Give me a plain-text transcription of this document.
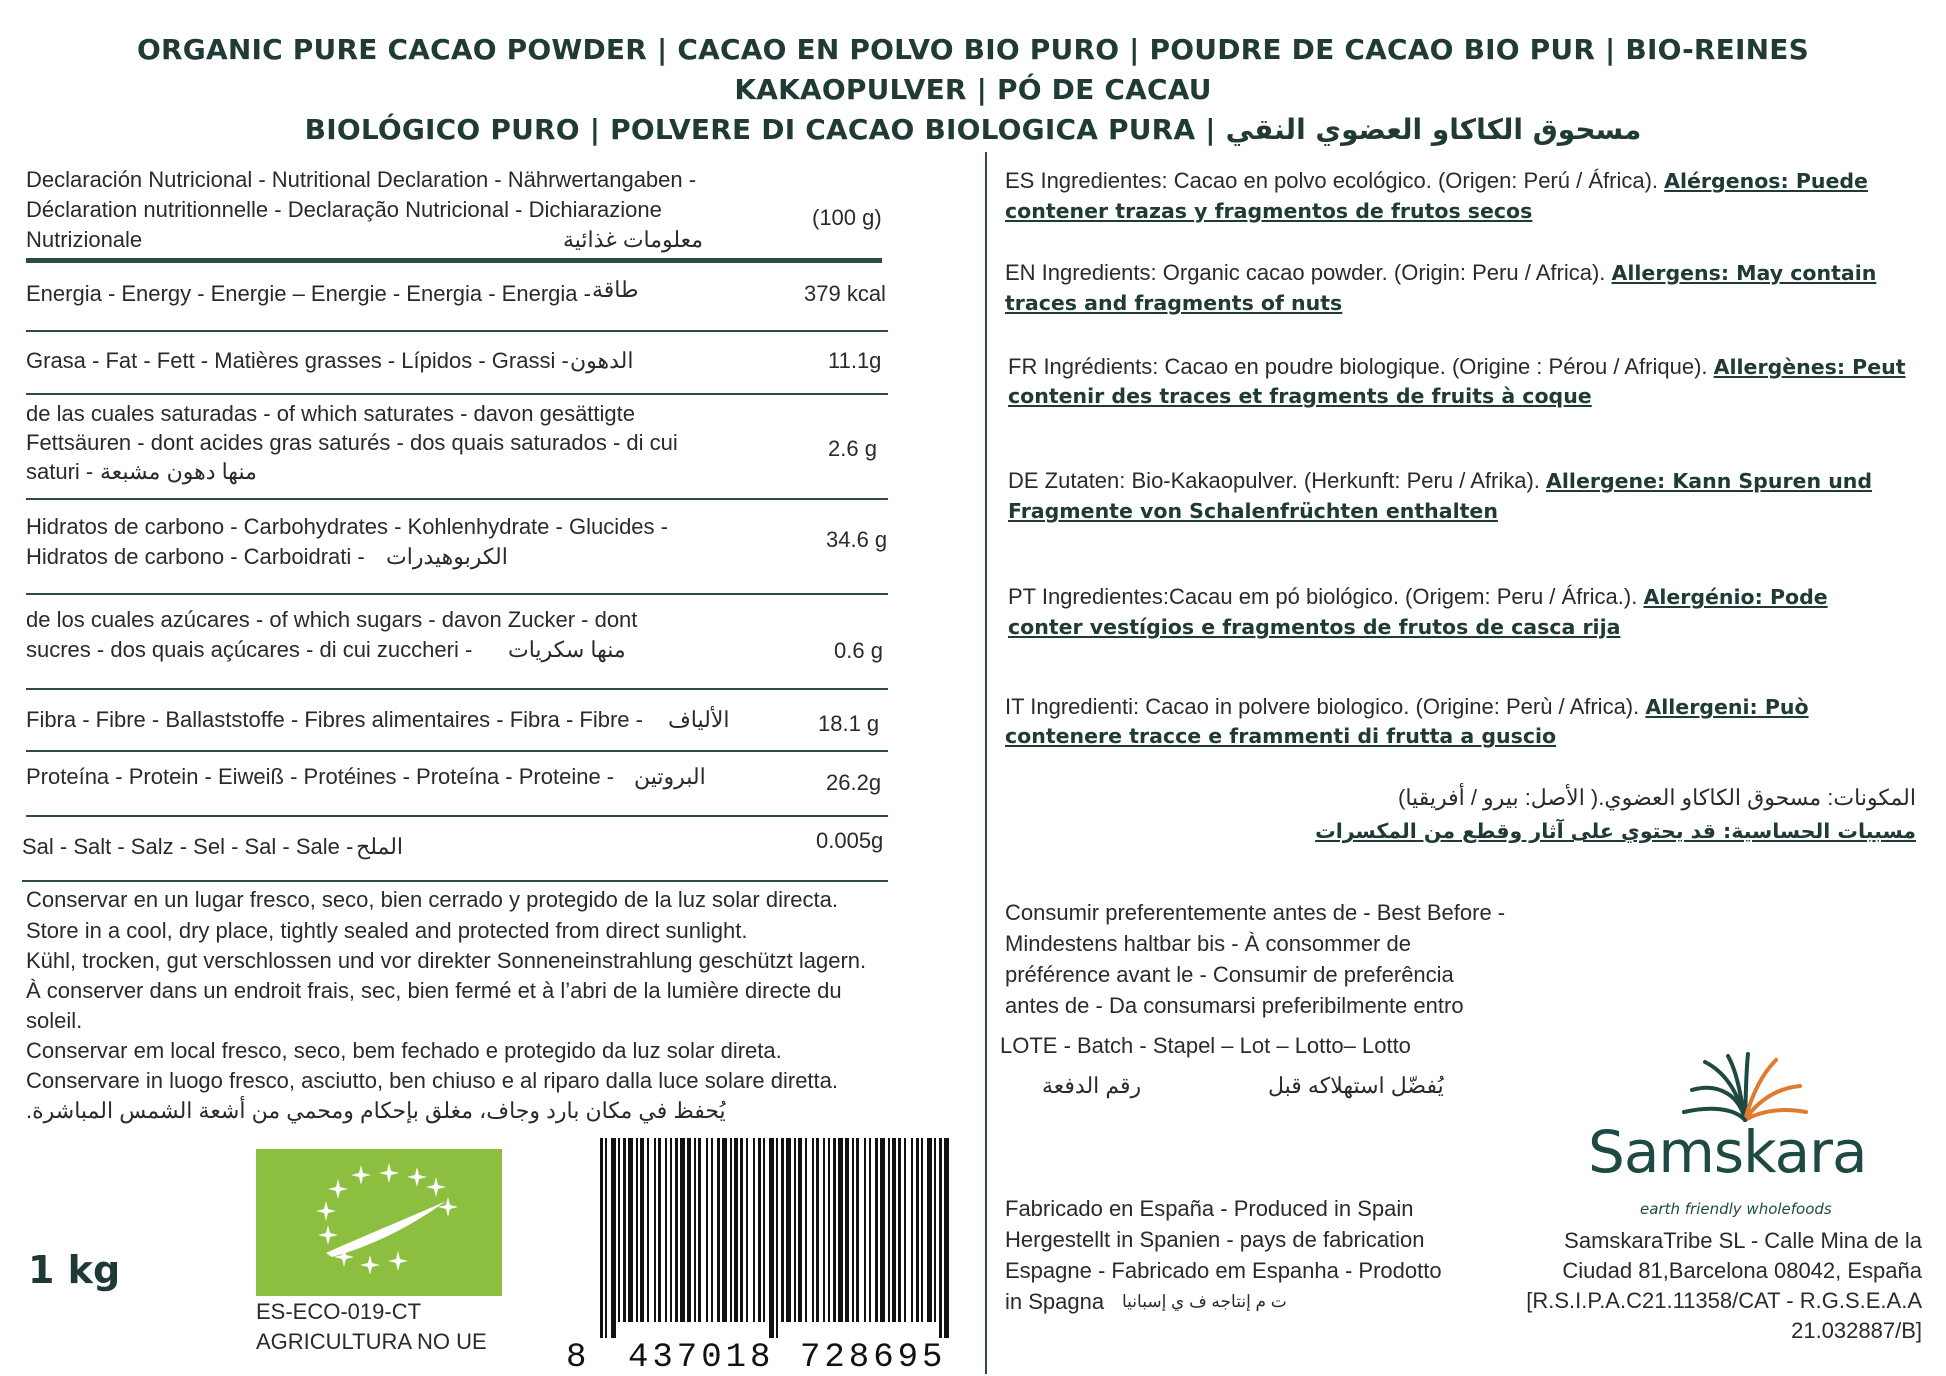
ORGANIC PURE CACAO POWDER | CACAO EN POLVO BIO PURO | POUDRE DE CACAO BIO PUR | BIO-REINES KAKAOPULVER | PÓ DE CACAU
BIOLÓGICO PURO | POLVERE DI CACAO BIOLOGICA PURA | مسحوق الكاكاو العضوي النقي
Declaración Nutricional - Nutritional Declaration - Nährwertangaben -
Déclaration nutritionnelle - Declaração Nutricional - Dichiarazione
Nutrizionale	معلومات غذائية
(100 g)
Energia - Energy - Energie – Energie - Energia - Energia - طاقة	379 kcal
Grasa - Fat - Fett - Matières grasses - Lípidos - Grassi - الدهون	11.1g
de las cuales saturadas - of which saturates - davon gesättigte
Fettsäuren - dont acides gras saturés - dos quais saturados - di cui
saturi - منها دهون مشبعة
2.6 g
Hidratos de carbono - Carbohydrates - Kohlenhydrate - Glucides -
Hidratos de carbono - Carboidrati - الكربوهيدرات
34.6 g
de los cuales azúcares - of which sugars - davon Zucker - dont
sucres - dos quais açúcares - di cui zuccheri - منها سكريات	0.6 g
Fibra - Fibre - Ballaststoffe - Fibres alimentaires - Fibra - Fibre - الألياف	18.1 g
Proteína - Protein - Eiweiß - Protéines - Proteína - Proteine - البروتين	26.2g
Sal - Salt - Salz - Sel - Sal - Sale - الملح	0.005g
Conservar en un lugar fresco, seco, bien cerrado y protegido de la luz solar directa.
Store in a cool, dry place, tightly sealed and protected from direct sunlight.
Kühl, trocken, gut verschlossen und vor direkter Sonneneinstrahlung geschützt lagern.
À conserver dans un endroit frais, sec, bien fermé et à l’abri de la lumière directe du
soleil.
Conservar em local fresco, seco, bem fechado e protegido da luz solar direta.
Conservare in luogo fresco, asciutto, ben chiuso e al riparo dalla luce solare diretta.
يُحفظ في مكان بارد وجاف، مغلق بإحكام ومحمي من أشعة الشمس المباشرة.
ES-ECO-019-CT
AGRICULTURA NO UE
1 kg
8 437018 728695
ES Ingredientes: Cacao en polvo ecológico. (Origen: Perú / África). Alérgenos: Puede
contener trazas y fragmentos de frutos secos
EN Ingredients: Organic cacao powder. (Origin: Peru / Africa). Allergens: May contain
traces and fragments of nuts
FR Ingrédients: Cacao en poudre biologique. (Origine : Pérou / Afrique). Allergènes: Peut
contenir des traces et fragments de fruits à coque
DE Zutaten: Bio-Kakaopulver. (Herkunft: Peru / Afrika). Allergene: Kann Spuren und
Fragmente von Schalenfrüchten enthalten
PT Ingredientes:Cacau em pó biológico. (Origem: Peru / África.). Alergénio: Pode
conter vestígios e fragmentos de frutos de casca rija
IT Ingredienti: Cacao in polvere biologico. (Origine: Perù / Africa). Allergeni: Può
contenere tracce e frammenti di frutta a guscio
المكونات: مسحوق الكاكاو العضوي.( الأصل: بيرو / أفريقيا)
مسببات الحساسية: قد يحتوي على آثار وقطع من المكسرات
Consumir preferentemente antes de - Best Before -
Mindestens haltbar bis - À consommer de
préférence avant le - Consumir de preferência
antes de - Da consumarsi preferibilmente entro
LOTE - Batch - Stapel – Lot – Lotto– Lotto
رقم الدفعة	يُفضّل استهلاكه قبل
Fabricado en España - Produced in Spain
Hergestellt in Spanien - pays de fabrication
Espagne - Fabricado em Espanha - Prodotto
in Spagna ت م إنتاجه ف ي إسبانيا
Samskara
earth friendly wholefoods
SamskaraTribe SL - Calle Mina de la
Ciudad 81,Barcelona 08042, España
[R.S.I.P.A.C21.11358/CAT - R.G.S.E.A.A
21.032887/B]
